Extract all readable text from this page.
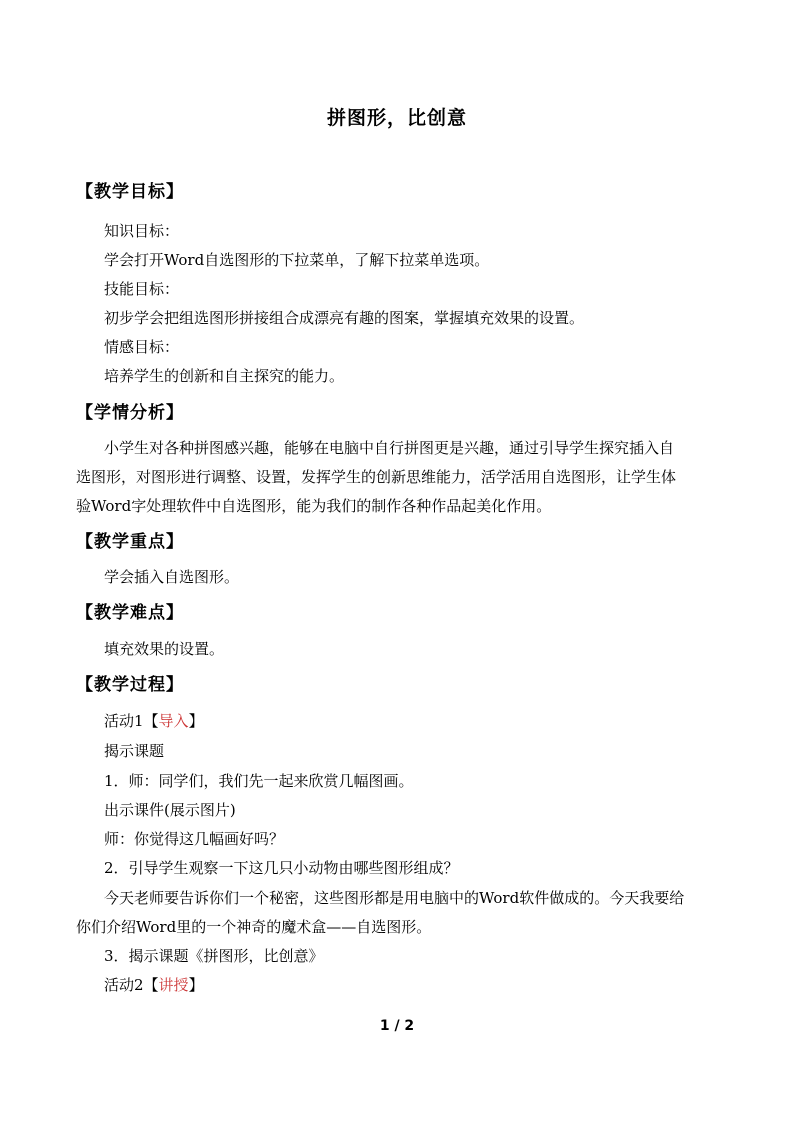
拼图形，比创意
【教学目标】
知识目标：
学会打开Word自选图形的下拉菜单，了解下拉菜单选项。
技能目标：
初步学会把组选图形拼接组合成漂亮有趣的图案，掌握填充效果的设置。
情感目标：
培养学生的创新和自主探究的能力。
【学情分析】
小学生对各种拼图感兴趣，能够在电脑中自行拼图更是兴趣，通过引导学生探究插入自
选图形，对图形进行调整、设置，发挥学生的创新思维能力，活学活用自选图形，让学生体
验Word字处理软件中自选图形，能为我们的制作各种作品起美化作用。
【教学重点】
学会插入自选图形。
【教学难点】
填充效果的设置。
【教学过程】
活动1【导入】
揭示课题
1．师：同学们，我们先一起来欣赏几幅图画。
出示课件(展示图片)
师：你觉得这几幅画好吗？
2．引导学生观察一下这几只小动物由哪些图形组成？
今天老师要告诉你们一个秘密，这些图形都是用电脑中的Word软件做成的。今天我要给
你们介绍Word里的一个神奇的魔术盒——自选图形。
3．揭示课题《拼图形，比创意》
活动2【讲授】
1 / 2
